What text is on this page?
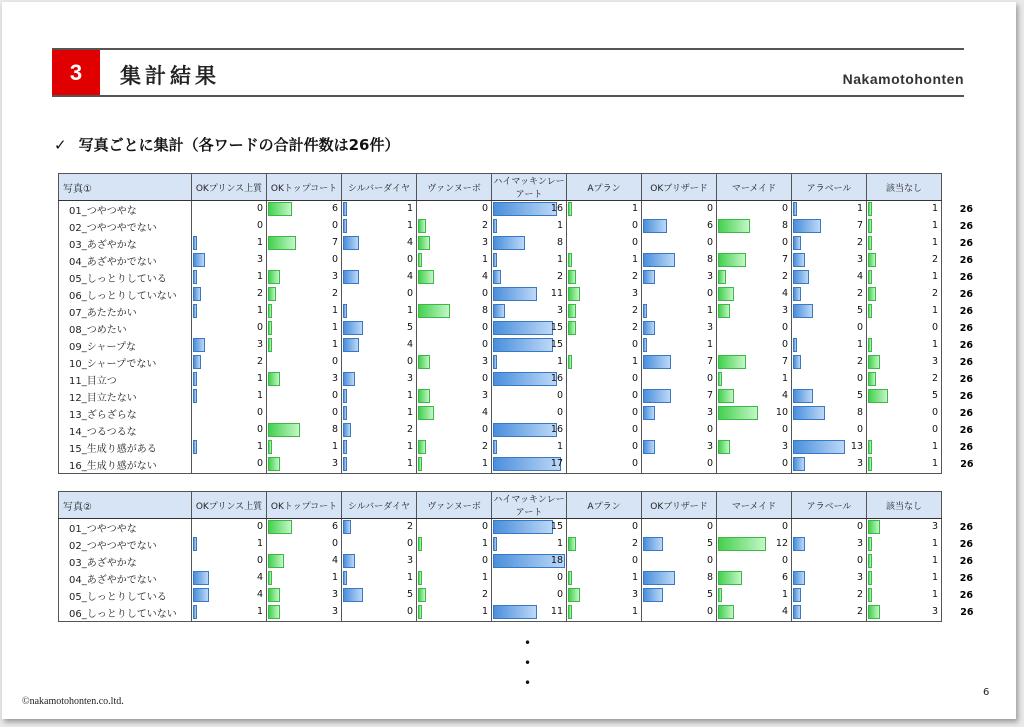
3	集計結果	Nakamotohonten
✓ 写真ごとに集計（各ワードの合計件数は26件）
写真①	OKプリンス上質	OKトップコート	シルバーダイヤ	ヴァンヌーボ	ハイマッキンレーアート	Aプラン	OKブリザード	マーメイド	アラベール	該当なし	
01_つやつやな	0	6	1	0	16	1	0	0	1	1	26
02_つやつやでない	0	0	1	2	1	0	6	8	7	1	26
03_あざやかな	1	7	4	3	8	0	0	0	2	1	26
04_あざやかでない	3	0	0	1	1	1	8	7	3	2	26
05_しっとりしている	1	3	4	4	2	2	3	2	4	1	26
06_しっとりしていない	2	2	0	0	11	3	0	4	2	2	26
07_あたたかい	1	1	1	8	3	2	1	3	5	1	26
08_つめたい	0	1	5	0	15	2	3	0	0	0	26
09_シャープな	3	1	4	0	15	0	1	0	1	1	26
10_シャープでない	2	0	0	3	1	1	7	7	2	3	26
11_目立つ	1	3	3	0	16	0	0	1	0	2	26
12_目立たない	1	0	1	3	0	0	7	4	5	5	26
13_ざらざらな	0	0	1	4	0	0	3	10	8	0	26
14_つるつるな	0	8	2	0	16	0	0	0	0	0	26
15_生成り感がある	1	1	1	2	1	0	3	3	13	1	26
16_生成り感がない	0	3	1	1	17	0	0	0	3	1	26
写真②	OKプリンス上質	OKトップコート	シルバーダイヤ	ヴァンヌーボ	ハイマッキンレーアート	Aプラン	OKブリザード	マーメイド	アラベール	該当なし	
01_つやつやな	0	6	2	0	15	0	0	0	0	3	26
02_つやつやでない	1	0	0	1	1	2	5	12	3	1	26
03_あざやかな	0	4	3	0	18	0	0	0	0	1	26
04_あざやかでない	4	1	1	1	0	1	8	6	3	1	26
05_しっとりしている	4	3	5	2	0	3	5	1	2	1	26
06_しっとりしていない	1	3	0	1	11	1	0	4	2	3	26
•
•
•
©nakamotohonten.co.ltd.
6
